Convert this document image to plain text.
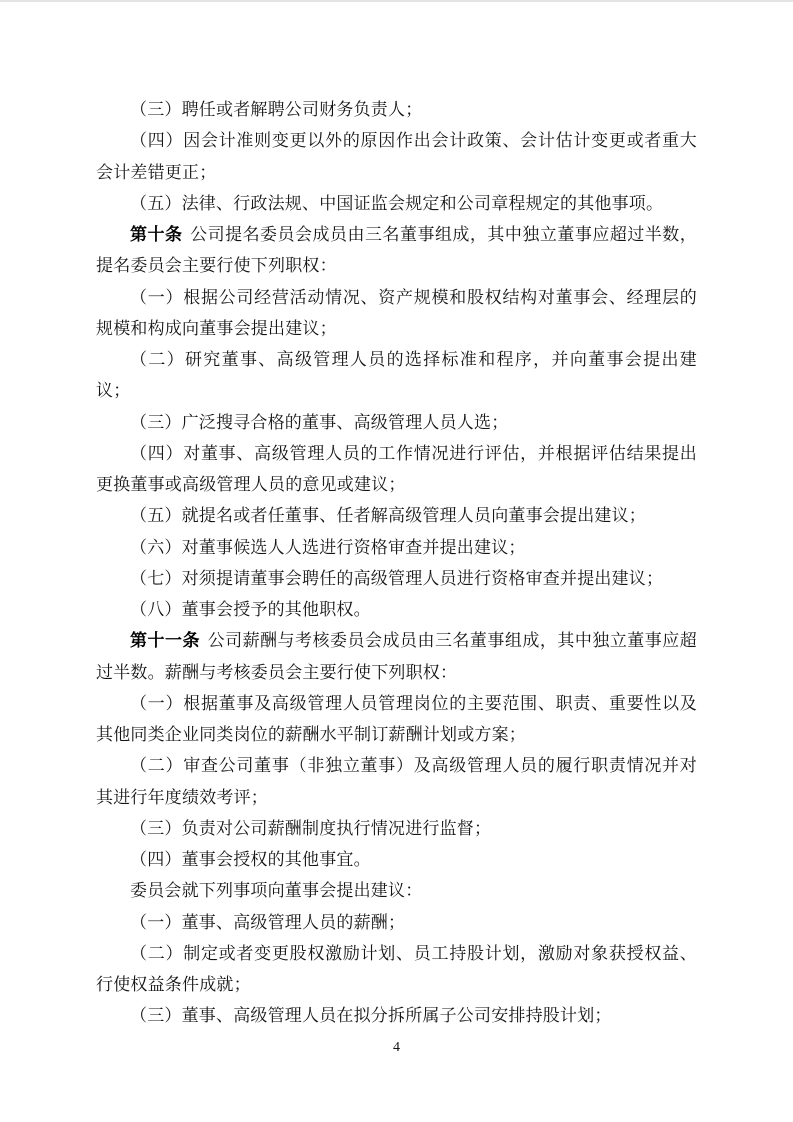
（三）聘任或者解聘公司财务负责人；

（四）因会计准则变更以外的原因作出会计政策、会计估计变更或者重大会计差错更正；

（五）法律、行政法规、中国证监会规定和公司章程规定的其他事项。

第十条 公司提名委员会成员由三名董事组成，其中独立董事应超过半数，提名委员会主要行使下列职权：

（一）根据公司经营活动情况、资产规模和股权结构对董事会、经理层的规模和构成向董事会提出建议；

（二）研究董事、高级管理人员的选择标准和程序，并向董事会提出建议；

（三）广泛搜寻合格的董事、高级管理人员人选；

（四）对董事、高级管理人员的工作情况进行评估，并根据评估结果提出更换董事或高级管理人员的意见或建议；

（五）就提名或者任董事、任者解高级管理人员向董事会提出建议；

（六）对董事候选人人选进行资格审查并提出建议；

（七）对须提请董事会聘任的高级管理人员进行资格审查并提出建议；

（八）董事会授予的其他职权。

第十一条 公司薪酬与考核委员会成员由三名董事组成，其中独立董事应超过半数。薪酬与考核委员会主要行使下列职权：

（一）根据董事及高级管理人员管理岗位的主要范围、职责、重要性以及其他同类企业同类岗位的薪酬水平制订薪酬计划或方案；

（二）审查公司董事（非独立董事）及高级管理人员的履行职责情况并对其进行年度绩效考评；

（三）负责对公司薪酬制度执行情况进行监督；

（四）董事会授权的其他事宜。

委员会就下列事项向董事会提出建议：

（一）董事、高级管理人员的薪酬；

（二）制定或者变更股权激励计划、员工持股计划，激励对象获授权益、行使权益条件成就；

（三）董事、高级管理人员在拟分拆所属子公司安排持股计划；

4
